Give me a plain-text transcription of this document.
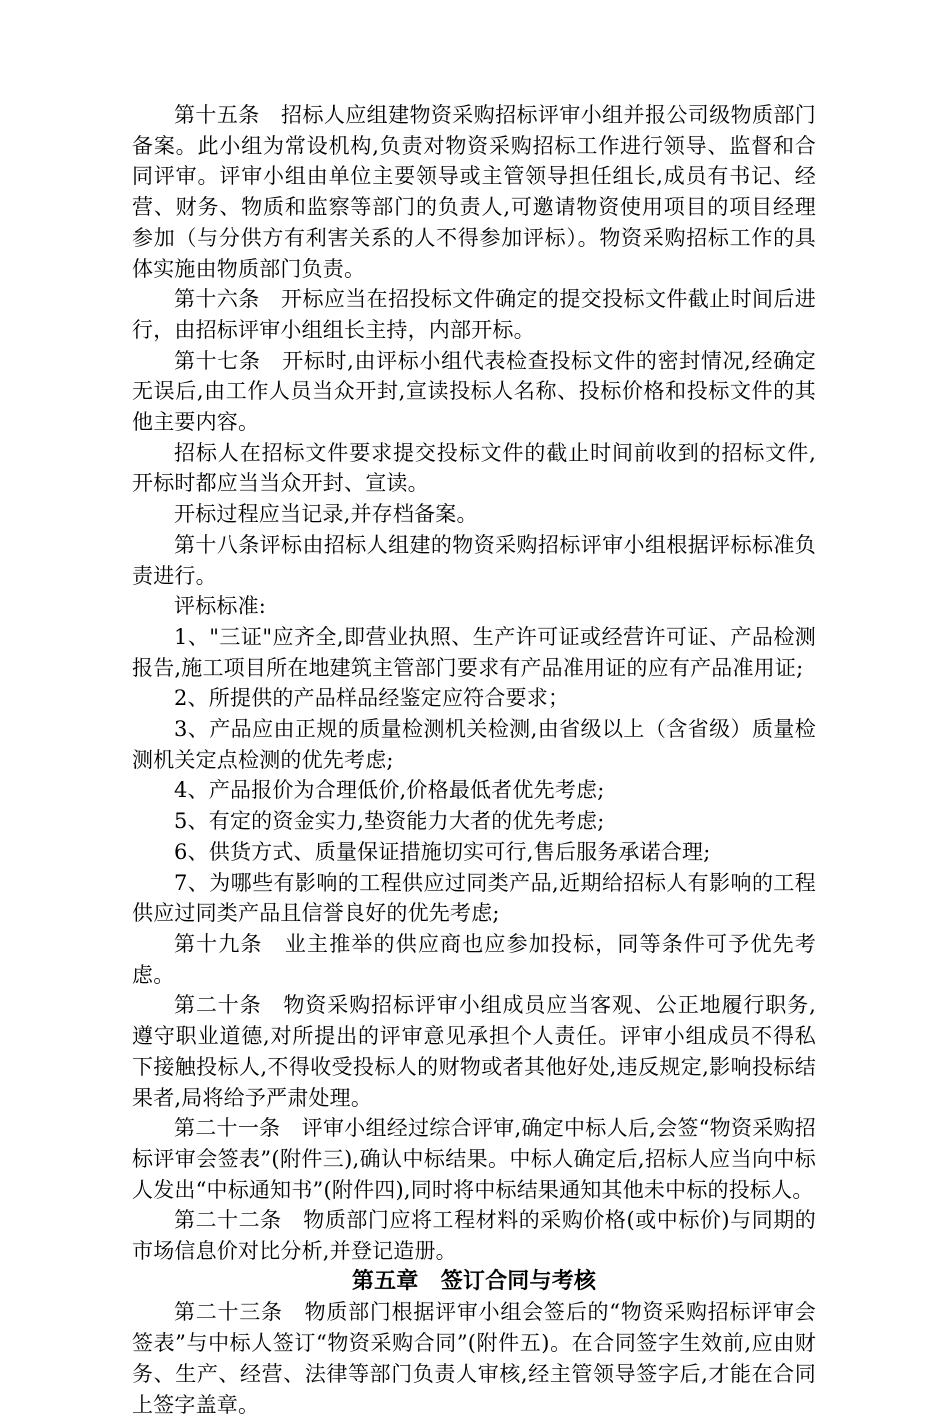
第十五条　招标人应组建物资采购招标评审小组并报公司级物质部门备案。此小组为常设机构,负责对物资采购招标工作进行领导、监督和合同评审。评审小组由单位主要领导或主管领导担任组长,成员有书记、经营、财务、物质和监察等部门的负责人,可邀请物资使用项目的项目经理参加（与分供方有利害关系的人不得参加评标）。物资采购招标工作的具体实施由物质部门负责。

第十六条　开标应当在招投标文件确定的提交投标文件截止时间后进行，由招标评审小组组长主持，内部开标。

第十七条　开标时,由评标小组代表检查投标文件的密封情况,经确定无误后,由工作人员当众开封,宣读投标人名称、投标价格和投标文件的其他主要内容。

招标人在招标文件要求提交投标文件的截止时间前收到的招标文件,开标时都应当当众开封、宣读。

开标过程应当记录,并存档备案。

第十八条评标由招标人组建的物资采购招标评审小组根据评标标准负责进行。

评标标准:

1、"三证"应齐全,即营业执照、生产许可证或经营许可证、产品检测报告,施工项目所在地建筑主管部门要求有产品准用证的应有产品准用证;

2、所提供的产品样品经鉴定应符合要求；

3、产品应由正规的质量检测机关检测,由省级以上（含省级）质量检测机关定点检测的优先考虑;

4、产品报价为合理低价,价格最低者优先考虑;

5、有定的资金实力,垫资能力大者的优先考虑;

6、供货方式、质量保证措施切实可行,售后服务承诺合理;

7、为哪些有影响的工程供应过同类产品,近期给招标人有影响的工程供应过同类产品且信誉良好的优先考虑;

第十九条　业主推举的供应商也应参加投标，同等条件可予优先考虑。

第二十条　物资采购招标评审小组成员应当客观、公正地履行职务,遵守职业道德,对所提出的评审意见承担个人责任。评审小组成员不得私下接触投标人,不得收受投标人的财物或者其他好处,违反规定,影响投标结果者,局将给予严肃处理。

第二十一条　评审小组经过综合评审,确定中标人后,会签“物资采购招标评审会签表”(附件三),确认中标结果。中标人确定后,招标人应当向中标人发出“中标通知书”(附件四),同时将中标结果通知其他未中标的投标人。

第二十二条　物质部门应将工程材料的采购价格(或中标价)与同期的市场信息价对比分析,并登记造册。

第五章　签订合同与考核

第二十三条　物质部门根据评审小组会签后的“物资采购招标评审会签表”与中标人签订“物资采购合同”(附件五)。在合同签字生效前,应由财务、生产、经营、法律等部门负责人审核,经主管领导签字后,才能在合同上签字盖章。
